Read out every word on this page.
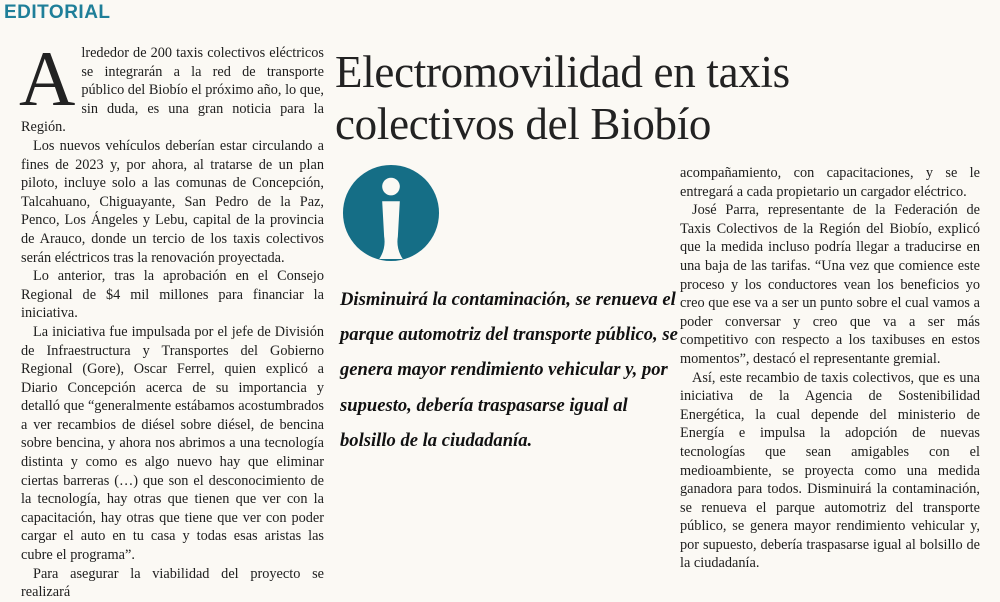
EDITORIAL

Alrededor de 200 taxis colectivos eléctricos se integrarán a la red de transporte público del Biobío el próximo año, lo que, sin duda, es una gran noticia para la Región.

Los nuevos vehículos deberían estar circulando a fines de 2023 y, por ahora, al tratarse de un plan piloto, incluye solo a las comunas de Concepción, Talcahuano, Chiguayante, San Pedro de la Paz, Penco, Los Ángeles y Lebu, capital de la provincia de Arauco, donde un tercio de los taxis colectivos serán eléctricos tras la renovación proyectada.

Lo anterior, tras la aprobación en el Consejo Regional de $4 mil millones para financiar la iniciativa.

La iniciativa fue impulsada por el jefe de División de Infraestructura y Transportes del Gobierno Regional (Gore), Oscar Ferrel, quien explicó a Diario Concepción acerca de su importancia y detalló que “generalmente estábamos acostumbrados a ver recambios de diésel sobre diésel, de bencina sobre bencina, y ahora nos abrimos a una tecnología distinta y como es algo nuevo hay que eliminar ciertas barreras (…) que son el desconocimiento de la tecnología, hay otras que tienen que ver con la capacitación, hay otras que tiene que ver con poder cargar el auto en tu casa y todas esas aristas las cubre el programa”.

Para asegurar la viabilidad del proyecto se realizará

Electromovilidad en taxis colectivos del Biobío

Disminuirá la contaminación, se renueva el parque automotriz del transporte público, se genera mayor rendimiento vehicular y, por supuesto, debería traspasarse igual al bolsillo de la ciudadanía.

acompañamiento, con capacitaciones, y se le entregará a cada propietario un cargador eléctrico.

José Parra, representante de la Federación de Taxis Colectivos de la Región del Biobío, explicó que la medida incluso podría llegar a traducirse en una baja de las tarifas. “Una vez que comience este proceso y los conductores vean los beneficios yo creo que ese va a ser un punto sobre el cual vamos a poder conversar y creo que va a ser más competitivo con respecto a los taxibuses en estos momentos”, destacó el representante gremial.

Así, este recambio de taxis colectivos, que es una iniciativa de la Agencia de Sostenibilidad Energética, la cual depende del ministerio de Energía e impulsa la adopción de nuevas tecnologías que sean amigables con el medioambiente, se proyecta como una medida ganadora para todos. Disminuirá la contaminación, se renueva el parque automotriz del transporte público, se genera mayor rendimiento vehicular y, por supuesto, debería traspasarse igual al bolsillo de la ciudadanía.
